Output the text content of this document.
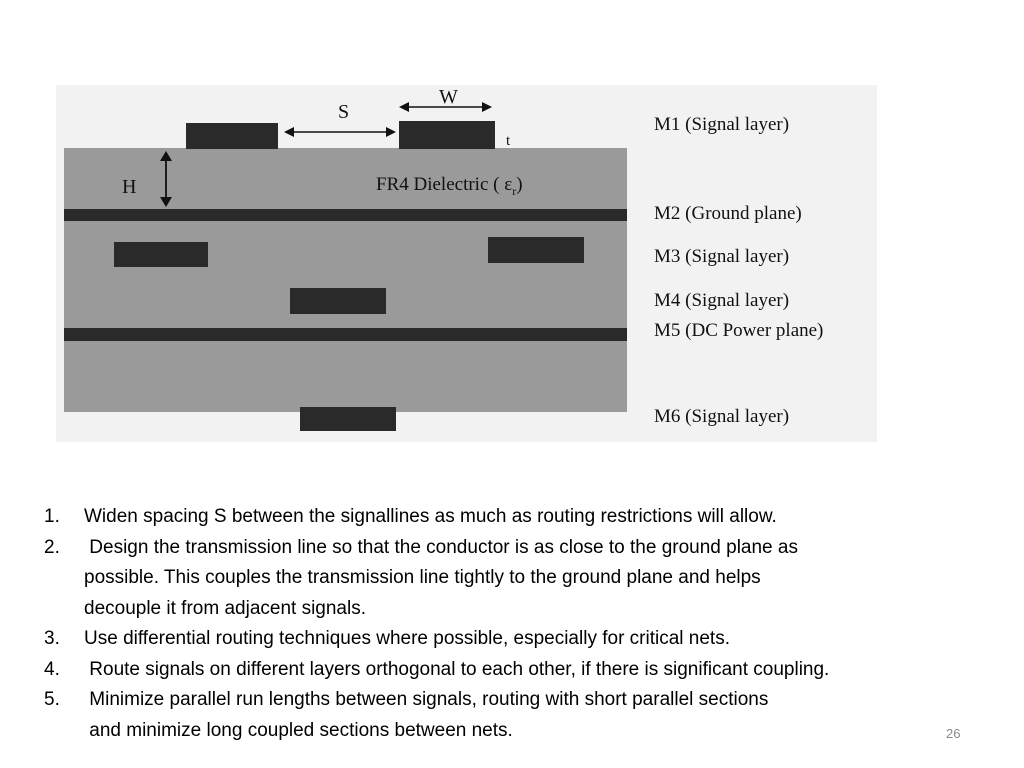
S
W
t
H	FR4 Dielectric ( $\varepsilon_r$)
M1 (Signal layer)
M2 (Ground plane)
M3 (Signal layer)
M4 (Signal layer)
M5 (DC Power plane)
M6 (Signal layer)
1. Widen spacing S between the signallines as much as routing restrictions will allow.
2. Design the transmission line so that the conductor is as close to the ground plane as
possible. This couples the transmission line tightly to the ground plane and helps
decouple it from adjacent signals.
3. Use differential routing techniques where possible, especially for critical nets.
4. Route signals on different layers orthogonal to each other, if there is significant coupling.
5. Minimize parallel run lengths between signals, routing with short parallel sections
and minimize long coupled sections between nets.	26
